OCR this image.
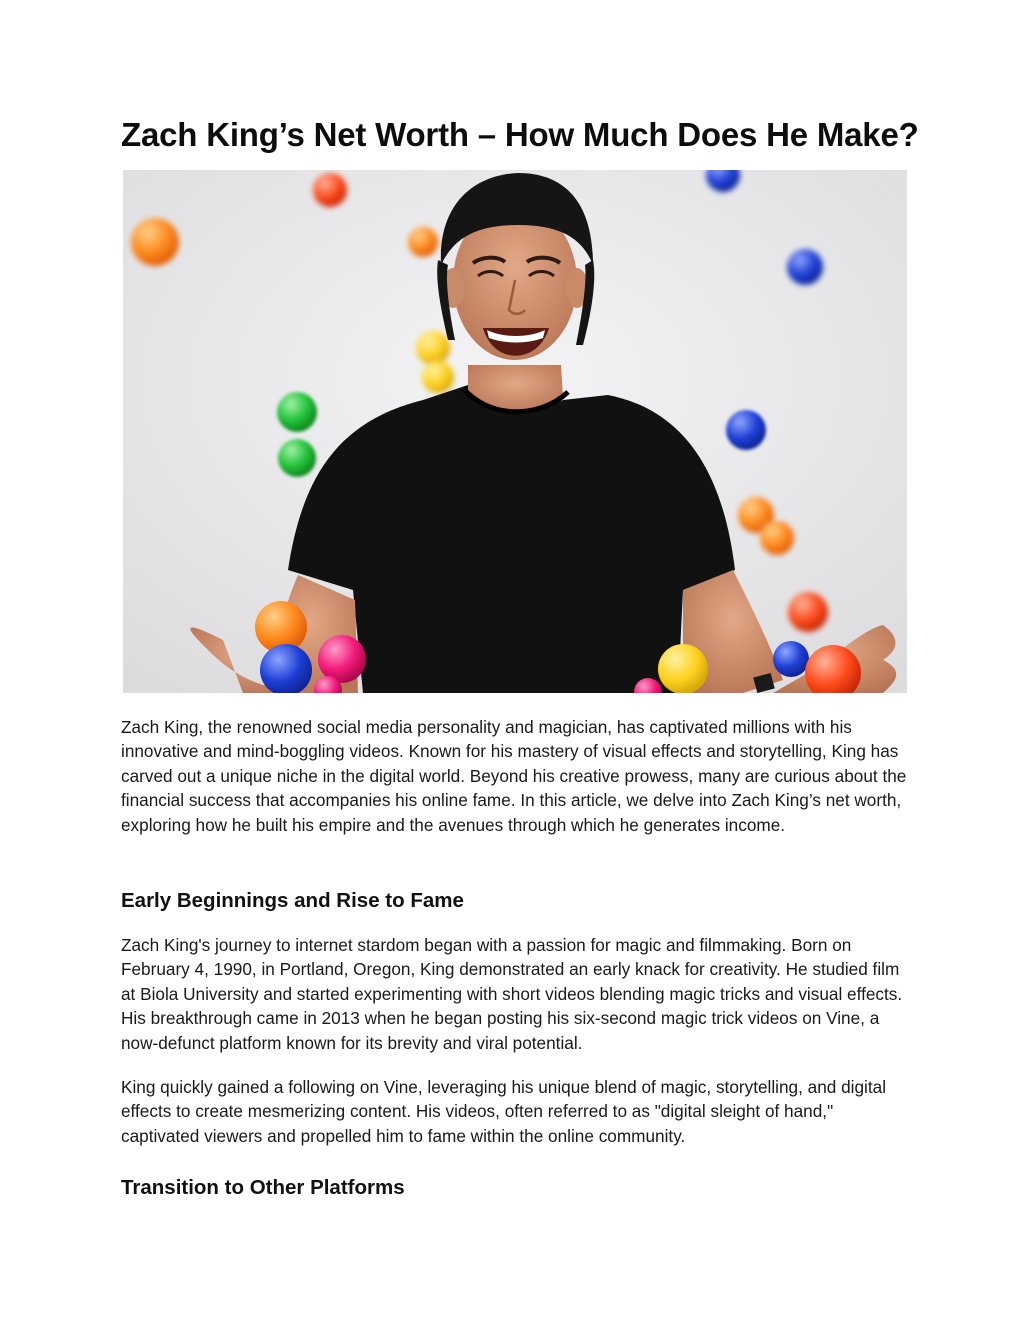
Zach King’s Net Worth – How Much Does He Make?

Zach King, the renowned social media personality and magician, has captivated millions with his innovative and mind-boggling videos. Known for his mastery of visual effects and storytelling, King has carved out a unique niche in the digital world. Beyond his creative prowess, many are curious about the financial success that accompanies his online fame. In this article, we delve into Zach King’s net worth, exploring how he built his empire and the avenues through which he generates income.

Early Beginnings and Rise to Fame

Zach King's journey to internet stardom began with a passion for magic and filmmaking. Born on February 4, 1990, in Portland, Oregon, King demonstrated an early knack for creativity. He studied film at Biola University and started experimenting with short videos blending magic tricks and visual effects. His breakthrough came in 2013 when he began posting his six-second magic trick videos on Vine, a now-defunct platform known for its brevity and viral potential.

King quickly gained a following on Vine, leveraging his unique blend of magic, storytelling, and digital effects to create mesmerizing content. His videos, often referred to as "digital sleight of hand," captivated viewers and propelled him to fame within the online community.

Transition to Other Platforms
